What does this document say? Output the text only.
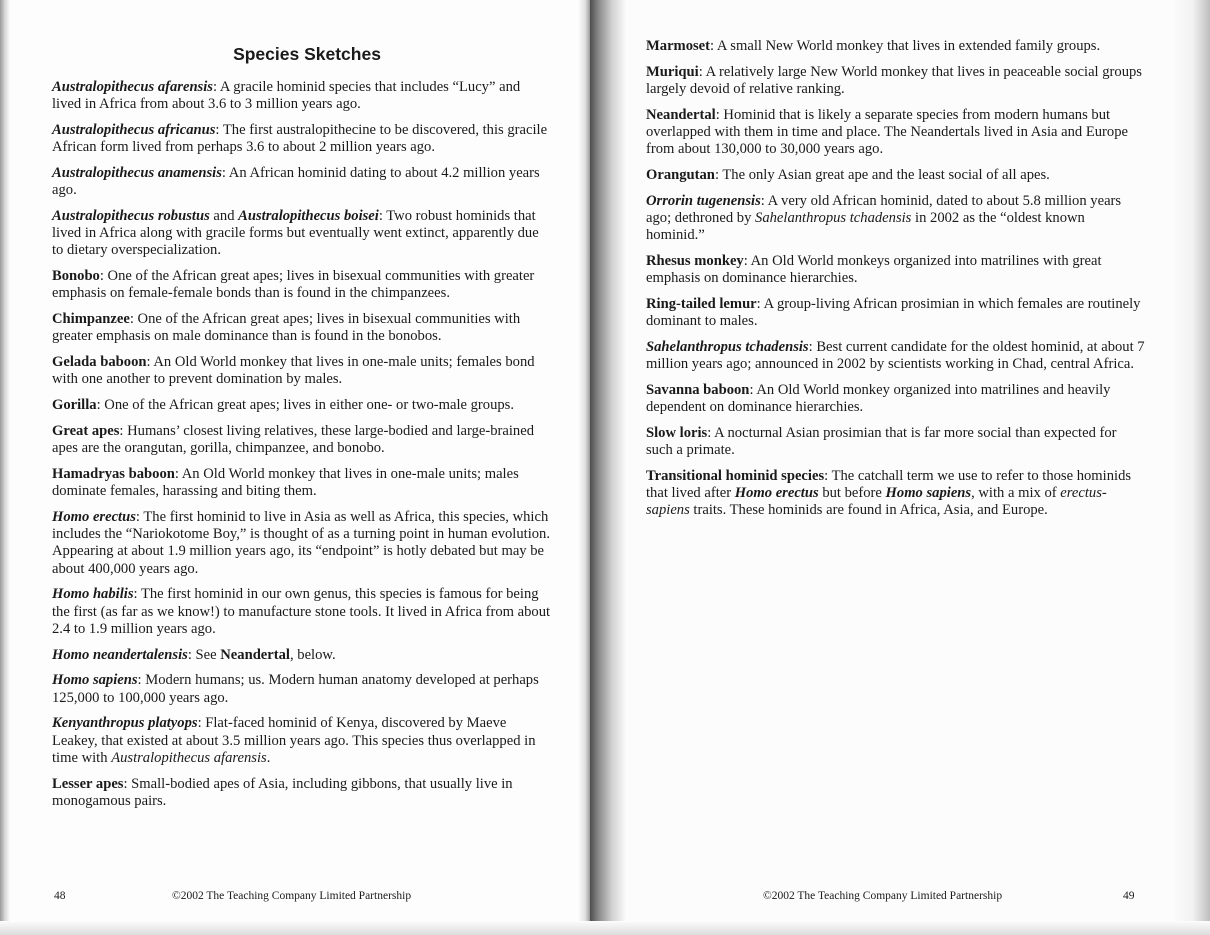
Species Sketches

Australopithecus afarensis: A gracile hominid species that includes “Lucy” and lived in Africa from about 3.6 to 3 million years ago.

Australopithecus africanus: The first australopithecine to be discovered, this gracile African form lived from perhaps 3.6 to about 2 million years ago.

Australopithecus anamensis: An African hominid dating to about 4.2 million years ago.

Australopithecus robustus and Australopithecus boisei: Two robust hominids that lived in Africa along with gracile forms but eventually went extinct, apparently due to dietary overspecialization.

Bonobo: One of the African great apes; lives in bisexual communities with greater emphasis on female-female bonds than is found in the chimpanzees.

Chimpanzee: One of the African great apes; lives in bisexual communities with greater emphasis on male dominance than is found in the bonobos.

Gelada baboon: An Old World monkey that lives in one-male units; females bond with one another to prevent domination by males.

Gorilla: One of the African great apes; lives in either one- or two-male groups.

Great apes: Humans’ closest living relatives, these large-bodied and large-brained apes are the orangutan, gorilla, chimpanzee, and bonobo.

Hamadryas baboon: An Old World monkey that lives in one-male units; males dominate females, harassing and biting them.

Homo erectus: The first hominid to live in Asia as well as Africa, this species, which includes the “Nariokotome Boy,” is thought of as a turning point in human evolution. Appearing at about 1.9 million years ago, its “endpoint” is hotly debated but may be about 400,000 years ago.

Homo habilis: The first hominid in our own genus, this species is famous for being the first (as far as we know!) to manufacture stone tools. It lived in Africa from about 2.4 to 1.9 million years ago.

Homo neandertalensis: See Neandertal, below.

Homo sapiens: Modern humans; us. Modern human anatomy developed at perhaps 125,000 to 100,000 years ago.

Kenyanthropus platyops: Flat-faced hominid of Kenya, discovered by Maeve Leakey, that existed at about 3.5 million years ago. This species thus overlapped in time with Australopithecus afarensis.

Lesser apes: Small-bodied apes of Asia, including gibbons, that usually live in monogamous pairs.

48	©2002 The Teaching Company Limited Partnership

Marmoset: A small New World monkey that lives in extended family groups.

Muriqui: A relatively large New World monkey that lives in peaceable social groups largely devoid of relative ranking.

Neandertal: Hominid that is likely a separate species from modern humans but overlapped with them in time and place. The Neandertals lived in Asia and Europe from about 130,000 to 30,000 years ago.

Orangutan: The only Asian great ape and the least social of all apes.

Orrorin tugenensis: A very old African hominid, dated to about 5.8 million years ago; dethroned by Sahelanthropus tchadensis in 2002 as the “oldest known hominid.”

Rhesus monkey: An Old World monkeys organized into matrilines with great emphasis on dominance hierarchies.

Ring-tailed lemur: A group-living African prosimian in which females are routinely dominant to males.

Sahelanthropus tchadensis: Best current candidate for the oldest hominid, at about 7 million years ago; announced in 2002 by scientists working in Chad, central Africa.

Savanna baboon: An Old World monkey organized into matrilines and heavily dependent on dominance hierarchies.

Slow loris: A nocturnal Asian prosimian that is far more social than expected for such a primate.

Transitional hominid species: The catchall term we use to refer to those hominids that lived after Homo erectus but before Homo sapiens, with a mix of erectus-sapiens traits. These hominids are found in Africa, Asia, and Europe.

©2002 The Teaching Company Limited Partnership	49
